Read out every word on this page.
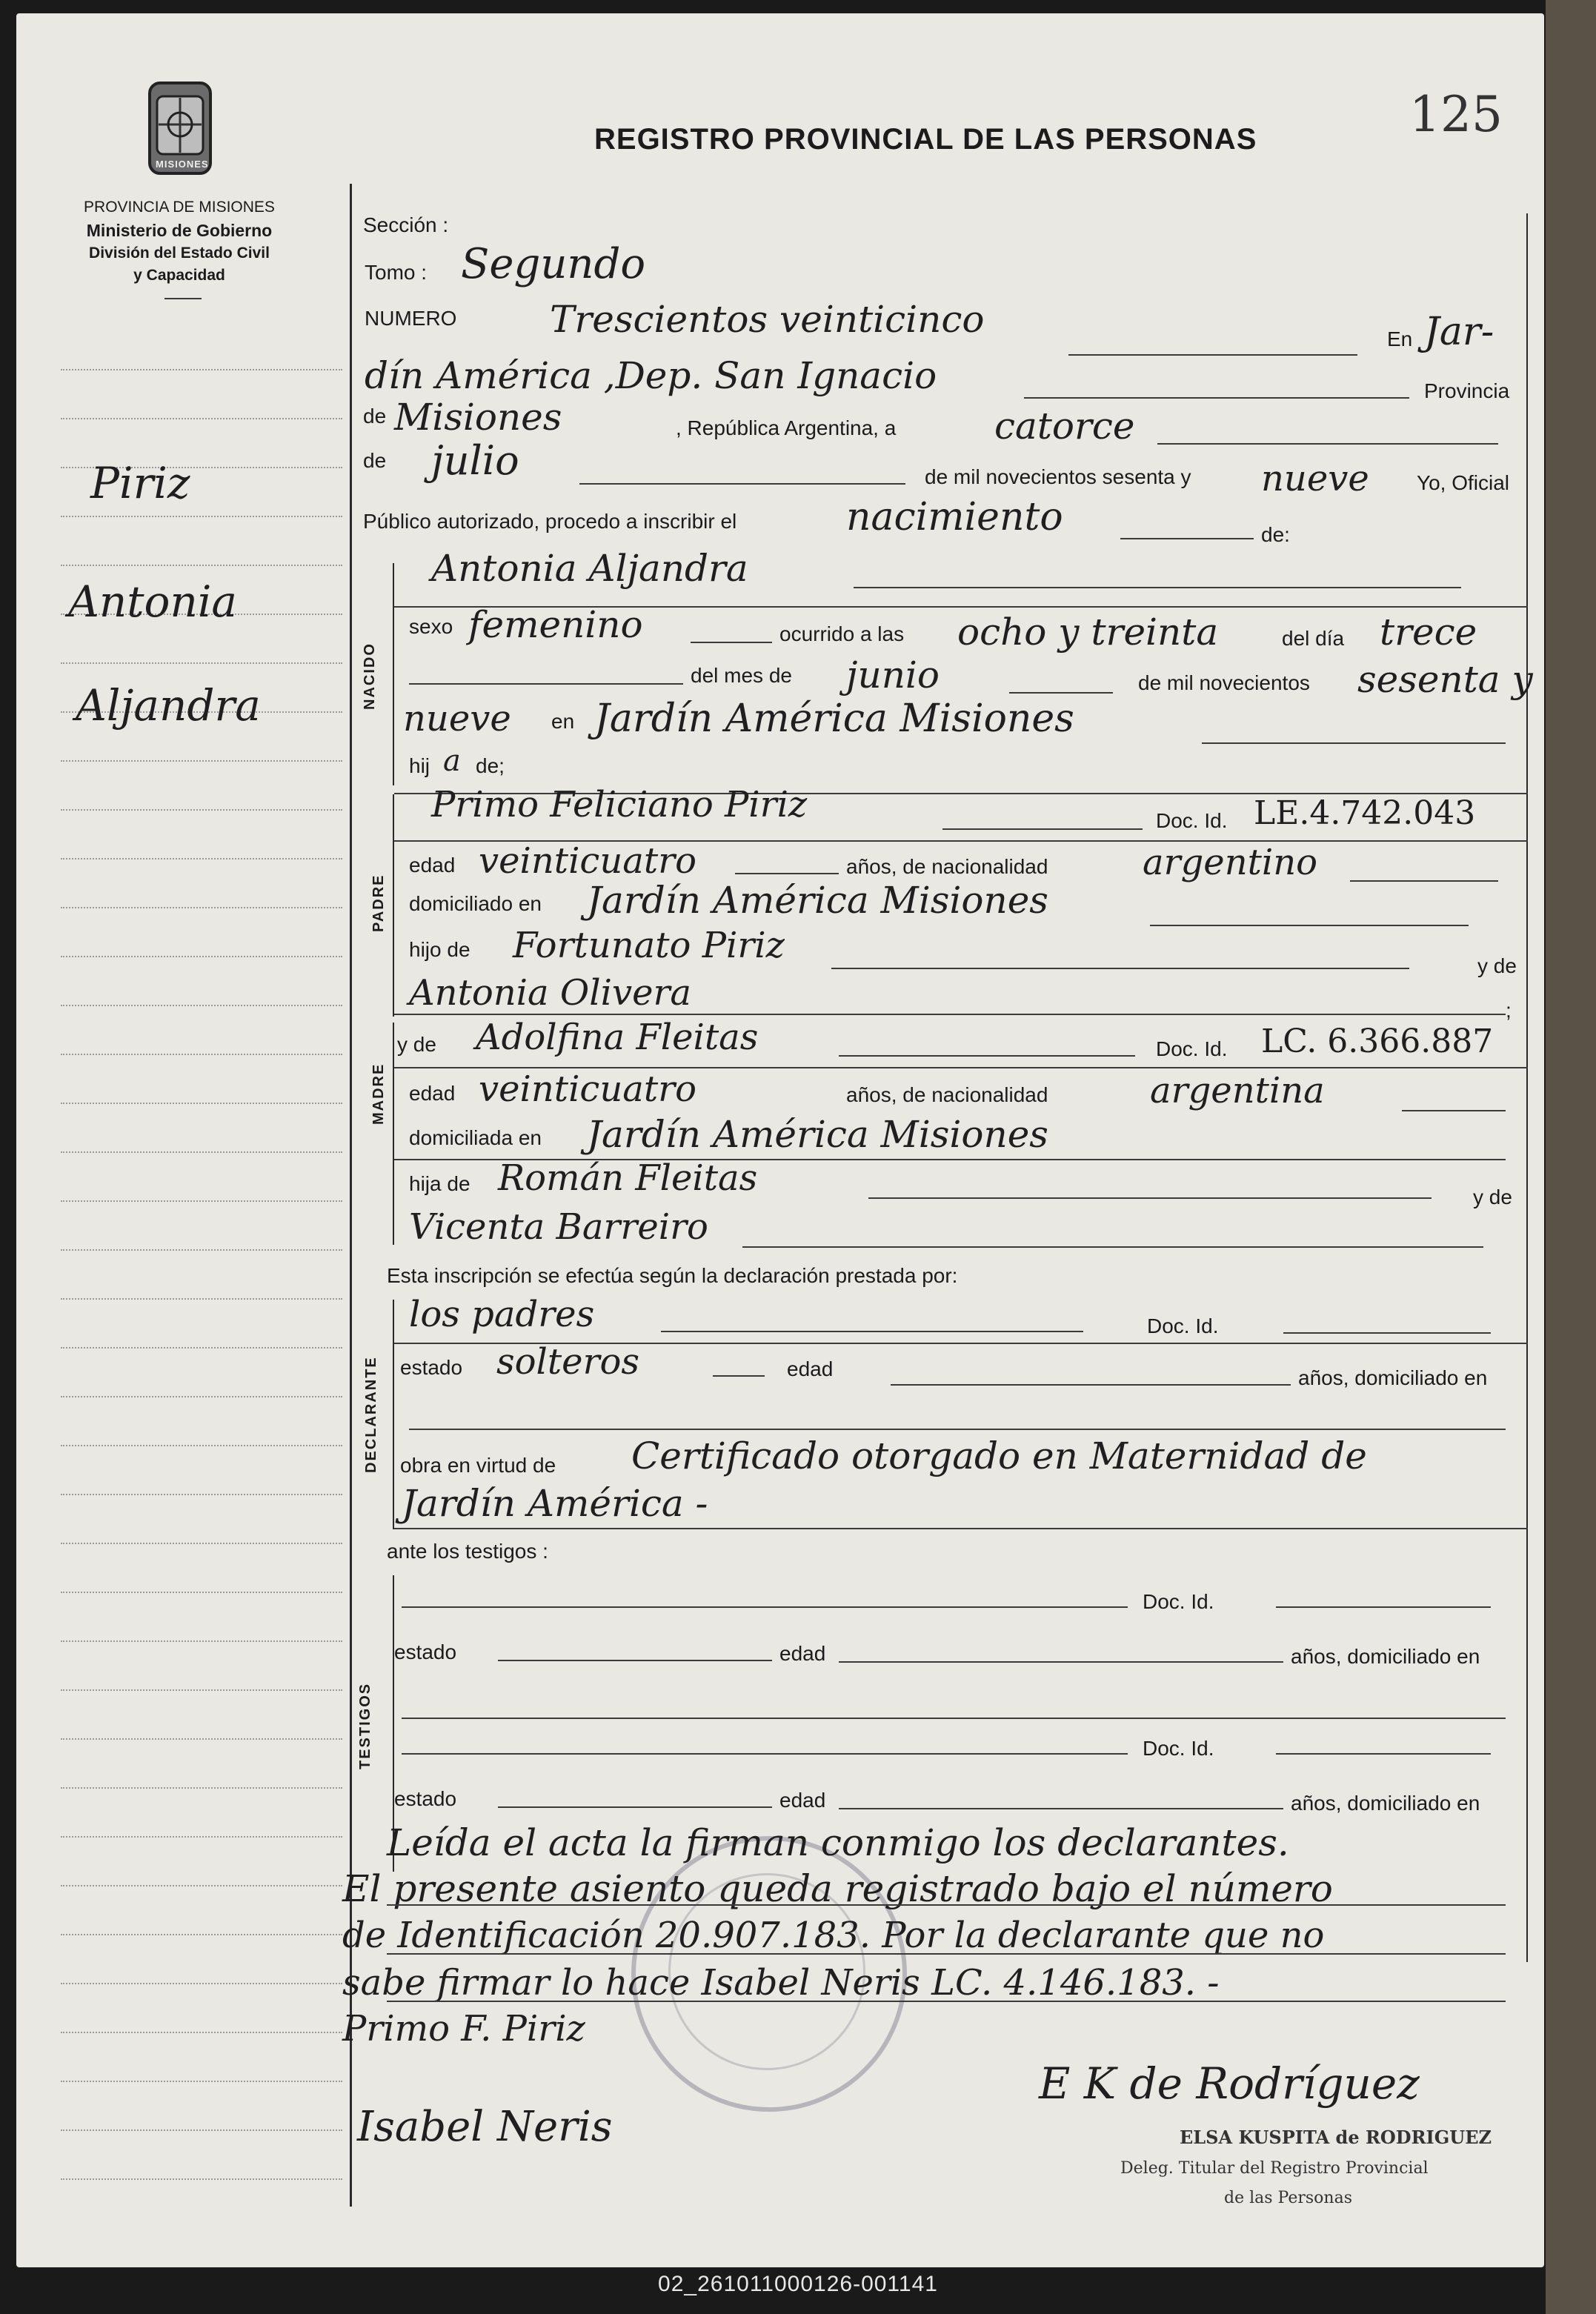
125
MISIONES
PROVINCIA DE MISIONES
Ministerio de Gobierno
División del Estado Civil
y Capacidad
REGISTRO PROVINCIAL DE LAS PERSONAS
Piriz
Antonia
Aljandra
Sección :
Tomo : Segundo
NUMERO	Trescientos veinticinco	En Jar-
dín América ,Dep. San Ignacio	Provincia
de Misiones	, República Argentina, a	catorce
de julio	de mil novecientos sesenta y nueve Yo, Oficial
Público autorizado, procedo a inscribir el	nacimiento	de:
NACIDO
Antonia Aljandra
sexo femenino	ocurrido a las ocho y treinta	del día trece
del mes de junio	de mil novecientos sesenta y
nueve en Jardín América Misiones
hij a de;
PADRE
Primo Feliciano Piriz	Doc. Id. LE.4.742.043
edad veinticuatro	años, de nacionalidad	argentino
domiciliado en Jardín América Misiones
hijo de Fortunato Piriz	y de
Antonia Olivera	;
MADRE
y de Adolfina Fleitas	Doc. Id. LC. 6.366.887
edad veinticuatro	años, de nacionalidad	argentina
domiciliada en Jardín América Misiones
hija de Román Fleitas	y de
Vicenta Barreiro
Esta inscripción se efectúa según la declaración prestada por:
DECLARANTE
los padres	Doc. Id.
estado solteros	edad	años, domiciliado en
obra en virtud de Certificado otorgado en Maternidad de
Jardín América -
ante los testigos :
TESTIGOS
Doc. Id.
estado	edad	años, domiciliado en
Doc. Id.
estado	edad	años, domiciliado en
Leída el acta la firman conmigo los declarantes.
El presente asiento queda registrado bajo el número
de Identificación 20.907.183. Por la declarante que no
sabe firmar lo hace Isabel Neris LC. 4.146.183. -
Primo F. Piriz
Isabel Neris
E K de Rodríguez
ELSA KUSPITA de RODRIGUEZ
Deleg. Titular del Registro Provincial
de las Personas
02_261011000126-001141
